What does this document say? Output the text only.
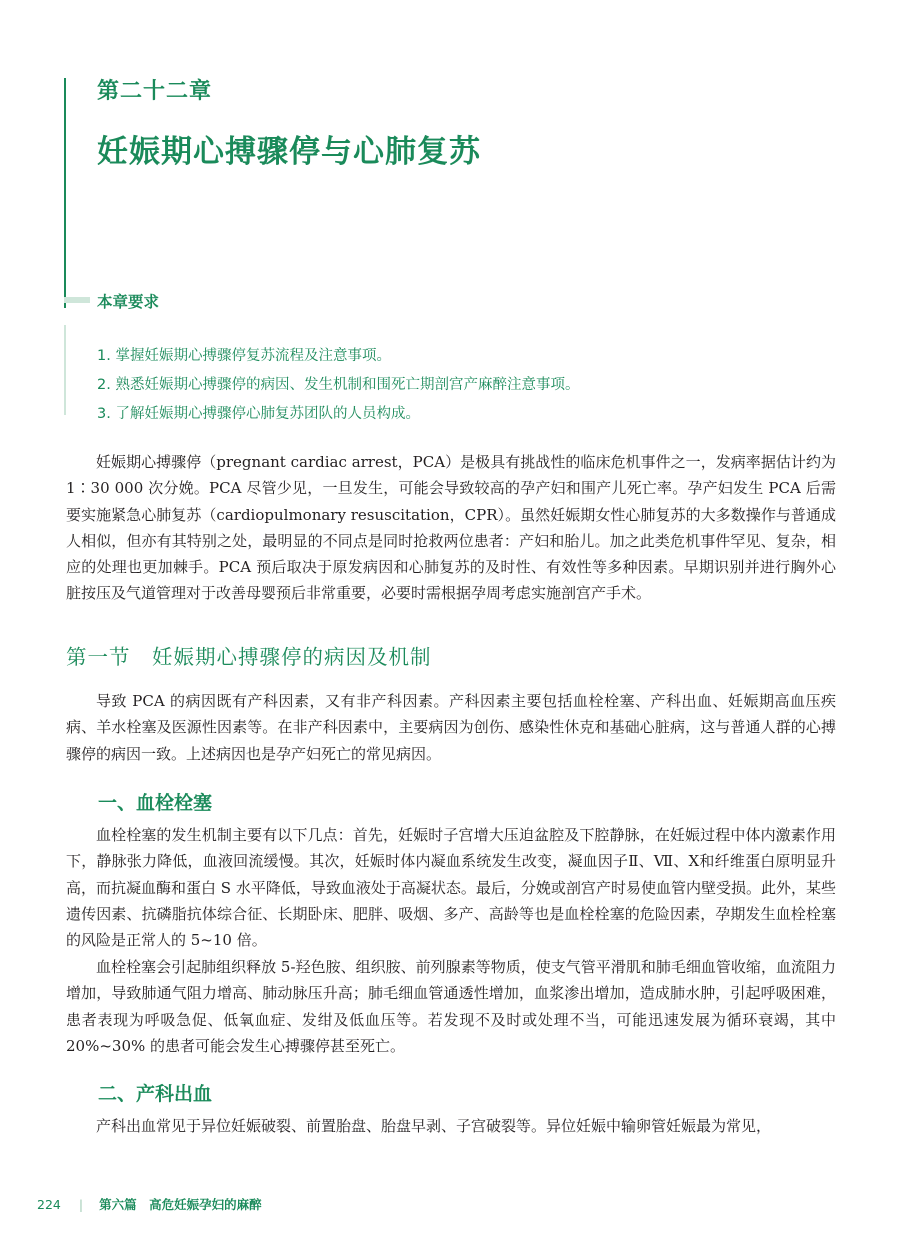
第二十二章
妊娠期心搏骤停与心肺复苏
本章要求
1. 掌握妊娠期心搏骤停复苏流程及注意事项。
2. 熟悉妊娠期心搏骤停的病因、发生机制和围死亡期剖宫产麻醉注意事项。
3. 了解妊娠期心搏骤停心肺复苏团队的人员构成。

妊娠期心搏骤停（pregnant cardiac arrest，PCA）是极具有挑战性的临床危机事件之一，发病率据估计约为 1∶30 000 次分娩。PCA 尽管少见，一旦发生，可能会导致较高的孕产妇和围产儿死亡率。孕产妇发生 PCA 后需要实施紧急心肺复苏（cardiopulmonary resuscitation，CPR）。虽然妊娠期女性心肺复苏的大多数操作与普通成人相似，但亦有其特别之处，最明显的不同点是同时抢救两位患者：产妇和胎儿。加之此类危机事件罕见、复杂，相应的处理也更加棘手。PCA 预后取决于原发病因和心肺复苏的及时性、有效性等多种因素。早期识别并进行胸外心脏按压及气道管理对于改善母婴预后非常重要，必要时需根据孕周考虑实施剖宫产手术。

第一节　妊娠期心搏骤停的病因及机制

导致 PCA 的病因既有产科因素，又有非产科因素。产科因素主要包括血栓栓塞、产科出血、妊娠期高血压疾病、羊水栓塞及医源性因素等。在非产科因素中，主要病因为创伤、感染性休克和基础心脏病，这与普通人群的心搏骤停的病因一致。上述病因也是孕产妇死亡的常见病因。

一、血栓栓塞

血栓栓塞的发生机制主要有以下几点：首先，妊娠时子宫增大压迫盆腔及下腔静脉，在妊娠过程中体内激素作用下，静脉张力降低，血液回流缓慢。其次，妊娠时体内凝血系统发生改变，凝血因子Ⅱ、Ⅶ、Ⅹ和纤维蛋白原明显升高，而抗凝血酶和蛋白 S 水平降低，导致血液处于高凝状态。最后，分娩或剖宫产时易使血管内壁受损。此外，某些遗传因素、抗磷脂抗体综合征、长期卧床、肥胖、吸烟、多产、高龄等也是血栓栓塞的危险因素，孕期发生血栓栓塞的风险是正常人的 5~10 倍。

血栓栓塞会引起肺组织释放 5-羟色胺、组织胺、前列腺素等物质，使支气管平滑肌和肺毛细血管收缩，血流阻力增加，导致肺通气阻力增高、肺动脉压升高；肺毛细血管通透性增加，血浆渗出增加，造成肺水肿，引起呼吸困难，患者表现为呼吸急促、低氧血症、发绀及低血压等。若发现不及时或处理不当，可能迅速发展为循环衰竭，其中 20%~30% 的患者可能会发生心搏骤停甚至死亡。

二、产科出血

产科出血常见于异位妊娠破裂、前置胎盘、胎盘早剥、子宫破裂等。异位妊娠中输卵管妊娠最为常见，

224 | 第六篇　高危妊娠孕妇的麻醉
